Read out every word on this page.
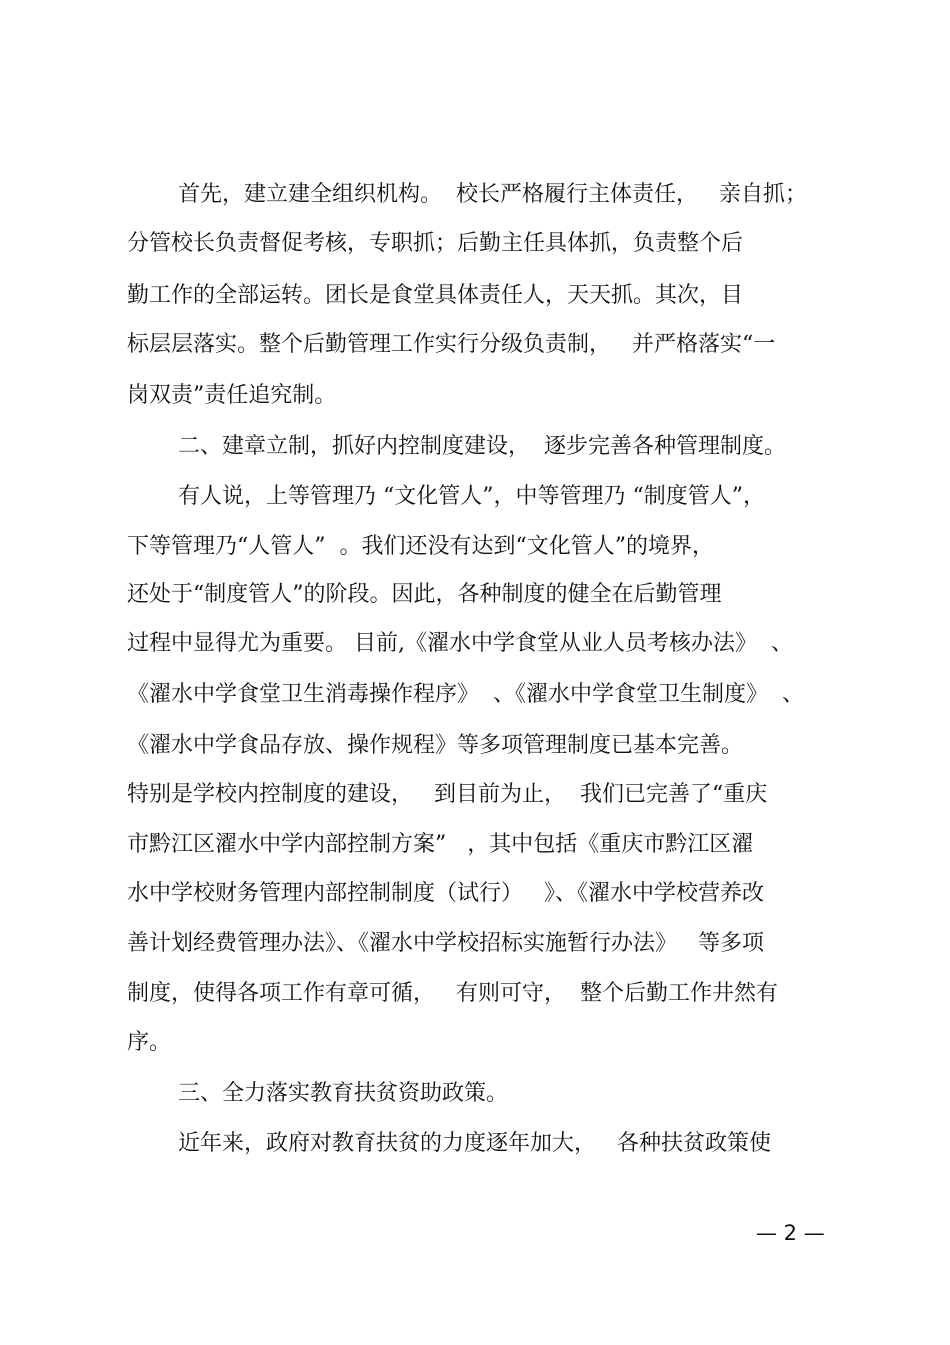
首先，建立建全组织机构。  校长严格履行主体责任，   亲自抓；
分管校长负责督促考核，专职抓；后勤主任具体抓，负责整个后
勤工作的全部运转。团长是食堂具体责任人，天天抓。其次，目
标层层落实。整个后勤管理工作实行分级负责制，   并严格落实“一
岗双责”责任追究制。
二、建章立制，抓好内控制度建设，  逐步完善各种管理制度。
有人说，上等管理乃 “文化管人”，中等管理乃 “制度管人”，
下等管理乃“人管人”  。我们还没有达到“文化管人”的境界，
还处于“制度管人”的阶段。因此，各种制度的健全在后勤管理
过程中显得尤为重要。 目前,《濯水中学食堂从业人员考核办法》  、
《濯水中学食堂卫生消毒操作程序》  、《濯水中学食堂卫生制度》  、
《濯水中学食品存放、操作规程》等多项管理制度已基本完善。
特别是学校内控制度的建设，   到目前为止，  我们已完善了“重庆
市黔江区濯水中学内部控制方案”   ，其中包括《重庆市黔江区濯
水中学校财务管理内部控制制度（试行）   》、《濯水中学校营养改
善计划经费管理办法》、《濯水中学校招标实施暂行办法》   等多项
制度，使得各项工作有章可循，   有则可守，  整个后勤工作井然有
序。
三、全力落实教育扶贫资助政策。
近年来，政府对教育扶贫的力度逐年加大，   各种扶贫政策使
— 2 —
